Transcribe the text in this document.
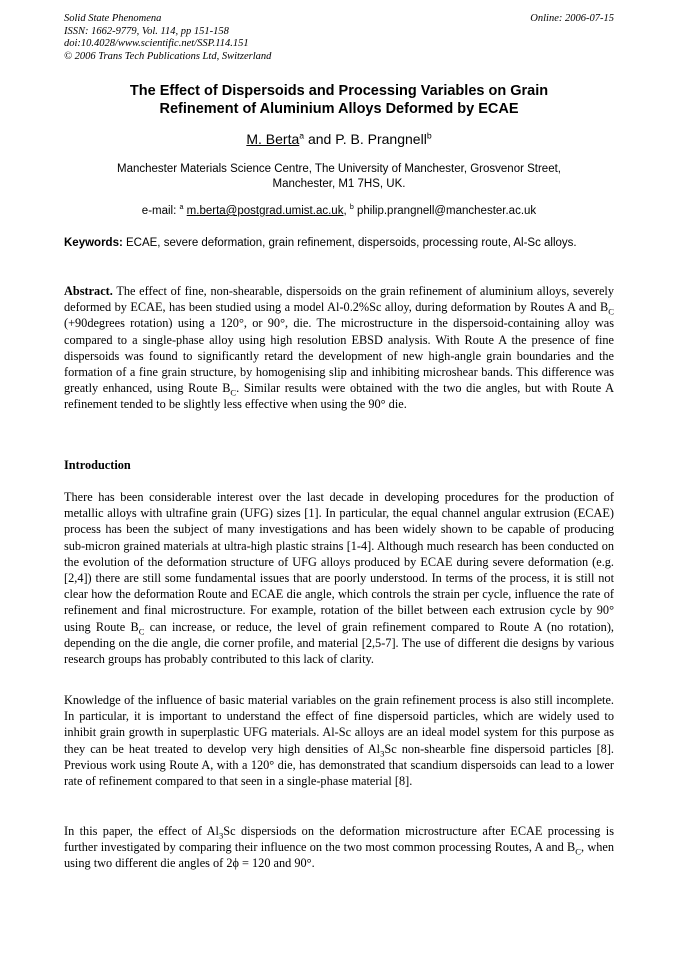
Solid State Phenomena
ISSN: 1662-9779, Vol. 114, pp 151-158
doi:10.4028/www.scientific.net/SSP.114.151
© 2006 Trans Tech Publications Ltd, Switzerland
Online: 2006-07-15
The Effect of Dispersoids and Processing Variables on Grain
Refinement of Aluminium Alloys Deformed by ECAE
M. Berta$^a$ and P. B. Prangnell$^b$
Manchester Materials Science Centre, The University of Manchester, Grosvenor Street,
Manchester, M1 7HS, UK.
e-mail: $^a$ m.berta@postgrad.umist.ac.uk, $^b$ philip.prangnell@manchester.ac.uk
Keywords: ECAE, severe deformation, grain refinement, dispersoids, processing route, Al-Sc alloys.
Abstract. The effect of fine, non-shearable, dispersoids on the grain refinement of aluminium alloys, severely deformed by ECAE, has been studied using a model Al-0.2%Sc alloy, during deformation by Routes A and $B_C$ (+90degrees rotation) using a 120°, or 90°, die. The microstructure in the dispersoid-containing alloy was compared to a single-phase alloy using high resolution EBSD analysis. With Route A the presence of fine dispersoids was found to significantly retard the development of new high-angle grain boundaries and the formation of a fine grain structure, by homogenising slip and inhibiting microshear bands. This difference was greatly enhanced, using Route $B_C$. Similar results were obtained with the two die angles, but with Route A refinement tended to be slightly less effective when using the 90° die.
Introduction
There has been considerable interest over the last decade in developing procedures for the production of metallic alloys with ultrafine grain (UFG) sizes [1]. In particular, the equal channel angular extrusion (ECAE) process has been the subject of many investigations and has been widely shown to be capable of producing sub-micron grained materials at ultra-high plastic strains [1-4]. Although much research has been conducted on the evolution of the deformation structure of UFG alloys produced by ECAE during severe deformation (e.g. [2,4]) there are still some fundamental issues that are poorly understood. In terms of the process, it is still not clear how the deformation Route and ECAE die angle, which controls the strain per cycle, influence the rate of refinement and final microstructure. For example, rotation of the billet between each extrusion cycle by 90° using Route $B_C$ can increase, or reduce, the level of grain refinement compared to Route A (no rotation), depending on the die angle, die corner profile, and material [2,5-7]. The use of different die designs by various research groups has probably contributed to this lack of clarity.
Knowledge of the influence of basic material variables on the grain refinement process is also still incomplete. In particular, it is important to understand the effect of fine dispersoid particles, which are widely used to inhibit grain growth in superplastic UFG materials. Al-Sc alloys are an ideal model system for this purpose as they can be heat treated to develop very high densities of $Al_3Sc$ non-shearble fine dispersoid particles [8]. Previous work using Route A, with a 120° die, has demonstrated that scandium dispersoids can lead to a lower rate of refinement compared to that seen in a single-phase material [8].
In this paper, the effect of $Al_3Sc$ dispersiods on the deformation microstructure after ECAE processing is further investigated by comparing their influence on the two most common processing Routes, A and $B_C$, when using two different die angles of 2ϕ = 120 and 90°.
